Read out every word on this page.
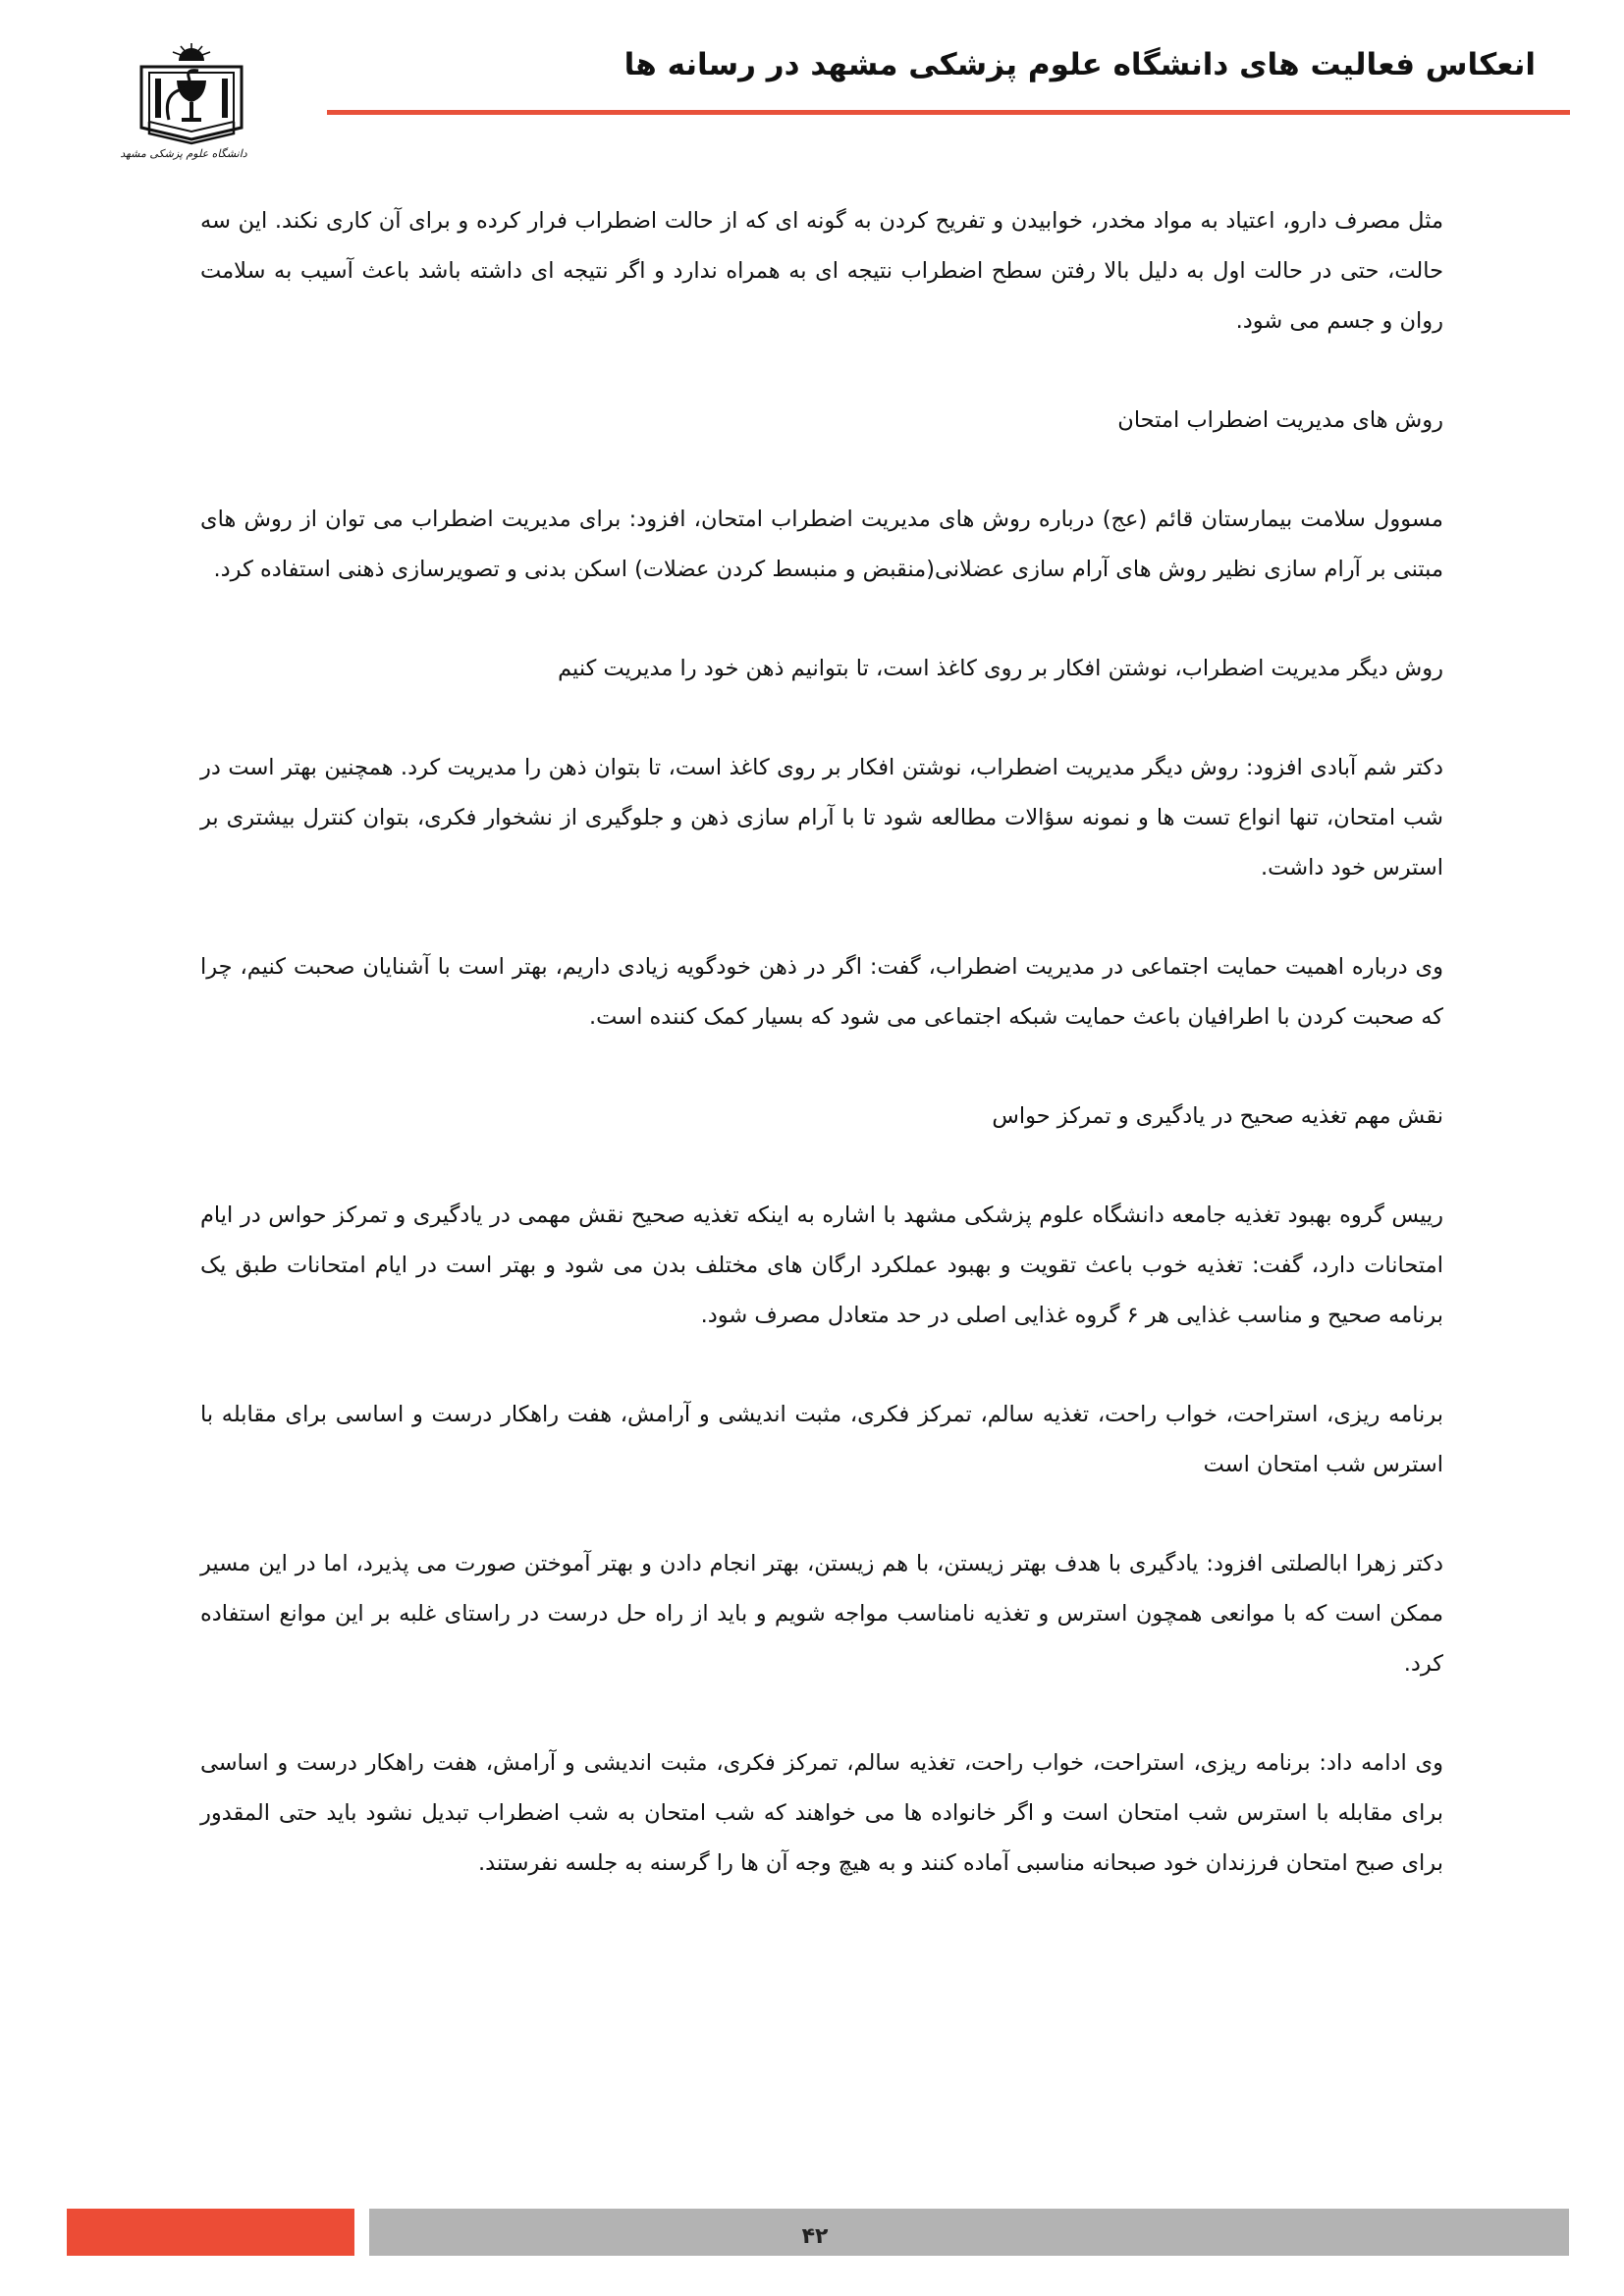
انعکاس فعالیت های دانشگاه علوم پزشکی مشهد در رسانه ها
دانشگاه علوم پزشکی مشهد

مثل مصرف دارو، اعتیاد به مواد مخدر، خوابیدن و تفریح کردن به گونه ای که از حالت اضطراب فرار کرده و برای آن کاری نکند. این سه حالت، حتی در حالت اول به دلیل بالا رفتن سطح اضطراب نتیجه ای به همراه ندارد و اگر نتیجه ای داشته باشد باعث آسیب به سلامت روان و جسم می شود.

روش های مدیریت اضطراب امتحان

مسوول سلامت بیمارستان قائم (عج) درباره روش های مدیریت اضطراب امتحان، افزود: برای مدیریت اضطراب می توان از روش های مبتنی بر آرام سازی نظیر روش های آرام سازی عضلانی(منقبض و منبسط کردن عضلات) اسکن بدنی و تصویرسازی ذهنی استفاده کرد.

روش دیگر مدیریت اضطراب، نوشتن افکار بر روی کاغذ است، تا بتوانیم ذهن خود را مدیریت کنیم

دکتر شم آبادی افزود: روش دیگر مدیریت اضطراب، نوشتن افکار بر روی کاغذ است، تا بتوان ذهن را مدیریت کرد. همچنین بهتر است در شب امتحان، تنها انواع تست ها و نمونه سؤالات مطالعه شود تا با آرام سازی ذهن و جلوگیری از نشخوار فکری، بتوان کنترل بیشتری بر استرس خود داشت.

وی درباره اهمیت حمایت اجتماعی در مدیریت اضطراب، گفت: اگر در ذهن خودگویه زیادی داریم، بهتر است با آشنایان صحبت کنیم، چرا که صحبت کردن با اطرافیان باعث حمایت شبکه اجتماعی می شود که بسیار کمک کننده است.

نقش مهم تغذیه صحیح در یادگیری و تمرکز حواس

رییس گروه بهبود تغذیه جامعه دانشگاه علوم پزشکی مشهد با اشاره به اینکه تغذیه صحیح نقش مهمی در یادگیری و تمرکز حواس در ایام امتحانات دارد، گفت: تغذیه خوب باعث تقویت و بهبود عملکرد ارگان های مختلف بدن می شود و بهتر است در ایام امتحانات طبق یک برنامه صحیح و مناسب غذایی هر ۶ گروه غذایی اصلی در حد متعادل مصرف شود.

برنامه ریزی، استراحت، خواب راحت، تغذیه سالم، تمرکز فکری، مثبت اندیشی و آرامش، هفت راهکار درست و اساسی برای مقابله با استرس شب امتحان است

دکتر زهرا ابالصلتی افزود: یادگیری با هدف بهتر زیستن، با هم زیستن، بهتر انجام دادن و بهتر آموختن صورت می پذیرد، اما در این مسیر ممکن است که با موانعی همچون استرس و تغذیه نامناسب مواجه شویم و باید از راه حل درست در راستای غلبه بر این موانع استفاده کرد.

وی ادامه داد: برنامه ریزی، استراحت، خواب راحت، تغذیه سالم، تمرکز فکری، مثبت اندیشی و آرامش، هفت راهکار درست و اساسی برای مقابله با استرس شب امتحان است و اگر خانواده ها می خواهند که شب امتحان به شب اضطراب تبدیل نشود باید حتی المقدور برای صبح امتحان فرزندان خود صبحانه مناسبی آماده کنند و به هیچ وجه آن ها را گرسنه به جلسه نفرستند.

۴۲
